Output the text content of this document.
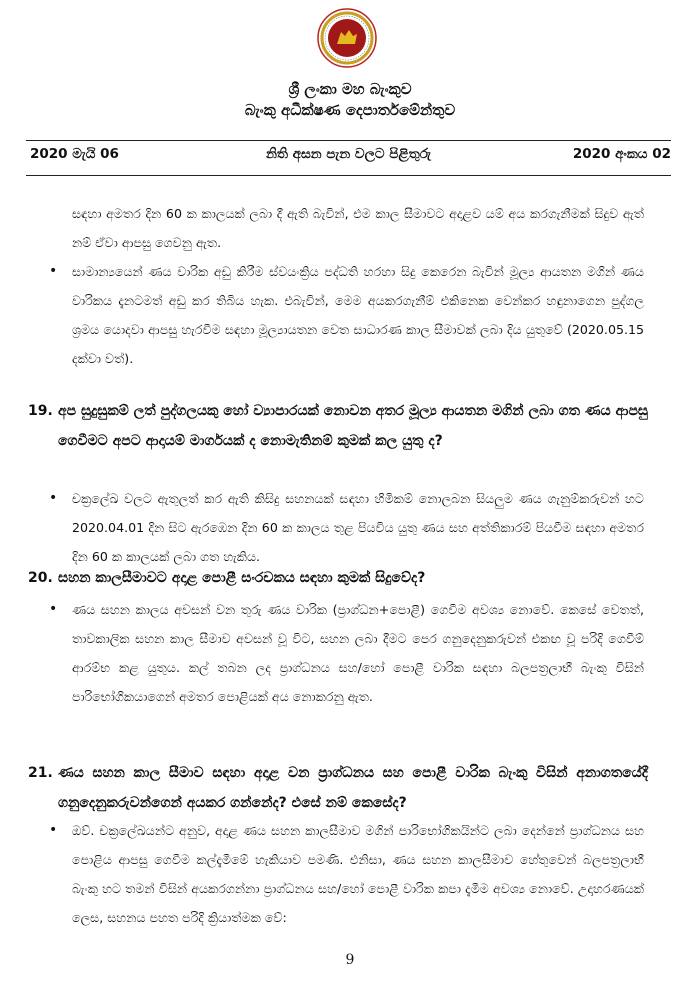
ශ්‍රී ලංකා මහ බැංකුව
බැංකු අධීක්ෂණ දෙපාර්තමේන්තුව
2020 මැයි 06	නිති අසන පැන වලට පිළිතුරු	2020 අංකය 02
සඳහා අමතර දින 60 ක කාලයක් ලබා දී ඇති බැවින්, එම කාල සීමාවට අදාළව යම් අය කරගැනීමක් සිදුව ඇත් නම් ඒවා ආපසු ගෙවනු ඇත.
• සාමාන්‍යයෙන් ණය වාරික අඩු කිරීම ස්වයංක්‍රිය පද්ධති හරහා සිදු කෙරෙන බැවින් මූල්‍ය ආයතන මගින් ණය වාරිකය දැනටමත් අඩු කර තිබිය හැක. එබැවින්, මෙම අයකරගැනීම් එකිනෙක වෙන්කර හඳුනාගෙන පුද්ගල ශ්‍රමය යොදවා ආපසු හැරවීම සඳහා මූල්‍යායතන වෙත සාධාරණ කාල සීමාවක් ලබා දිය යුතුවේ (2020.05.15 දක්වා වත්).
19. අප සුදුසුකම් ලත් පුද්ගලයකු හෝ ව්‍යාපාරයක් නොවන අතර මූල්‍ය ආයතන මගින් ලබා ගත ණය ආපසු ගෙවීමට අපට ආදායම් මාර්ගයක් ද නොමැතිනම් කුමක් කල යුතු ද?
• චක්‍රලේඛ වලට ඇතුලත් කර ඇති කිසිදු සහනයක් සඳහා හිමිකම් නොලබන සියලුම ණය ගැනුම්කරුවන් හට 2020.04.01 දින සිට ඇරඹෙන දින 60 ක කාලය තුළ පියවිය යුතු ණය සහ අත්තිකාරම් පියවීම සඳහා අමතර දින 60 ක කාලයක් ලබා ගත හැකිය.
20. සහන කාලසීමාවට අදාළ පොළී සංරචකය සඳහා කුමක් සිදුවේද?
• ණය සහන කාලය අවසන් වන තුරු ණය වාරික (ප්‍රාග්ධන+පොළී) ගෙවීම අවශ්‍ය නොවේ. කෙසේ වෙතත්, තාවකාලික සහන කාල සීමාව අවසන් වූ විට, සහන ලබා දීමට පෙර ගනුදෙනුකරුවන් එකඟ වූ පරිදි ගෙවීම් ආරම්භ කළ යුතුය. කල් තබන ලද ප්‍රාග්ධනය සහ/හෝ පොළී වාරික සඳහා බලපත්‍රලාභී බැංකු විසින් පාරිභෝගිකයාගෙන් අමතර පොළියක් අය නොකරනු ඇත.
21. ණය සහන කාල සීමාව සඳහා අදාළ වන ප්‍රාග්ධනය සහ පොළී වාරික බැංකු විසින් අනාගතයේදී ගනුදෙනුකරුවන්ගෙන් අයකර ගන්නේද? එසේ නම් කෙසේද?
• ඔව්. චක්‍රලේඛයන්ට අනුව, අදාළ ණය සහන කාලසීමාව මගින් පාරිභෝගිකයින්ට ලබා දෙන්නේ ප්‍රාග්ධනය සහ පොළිය ආපසු ගෙවීම කල්දැමීමේ හැකියාව පමණි. එනිසා, ණය සහන කාලසීමාව හේතුවෙන් බලපත්‍රලාභී බැංකු හට තමන් විසින් අයකරගන්නා ප්‍රාග්ධනය සහ/හෝ පොළී වාරික කපා දැමීම අවශ්‍ය නොවේ. උදාහරණයක් ලෙස, සහනය පහත පරිදි ක්‍රියාත්මක වේ:
9
